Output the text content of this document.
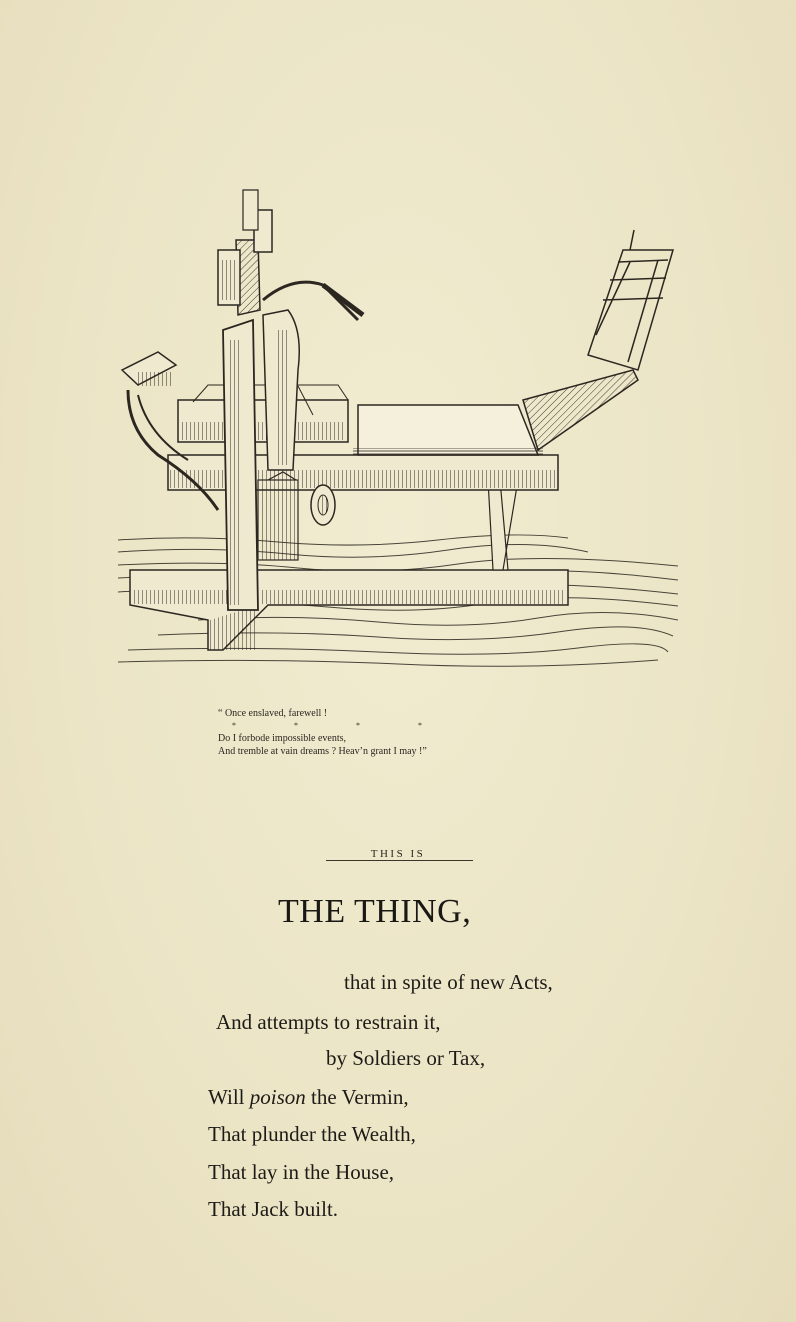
“ Once enslaved, farewell !
* * * *
Do I forbode impossible events,
And tremble at vain dreams ? Heav’n grant I may !”
THIS IS
THE THING,
that in spite of new Acts,
And attempts to restrain it,
by Soldiers or Tax,
Will poison the Vermin,
That plunder the Wealth,
That lay in the House,
That Jack built.
